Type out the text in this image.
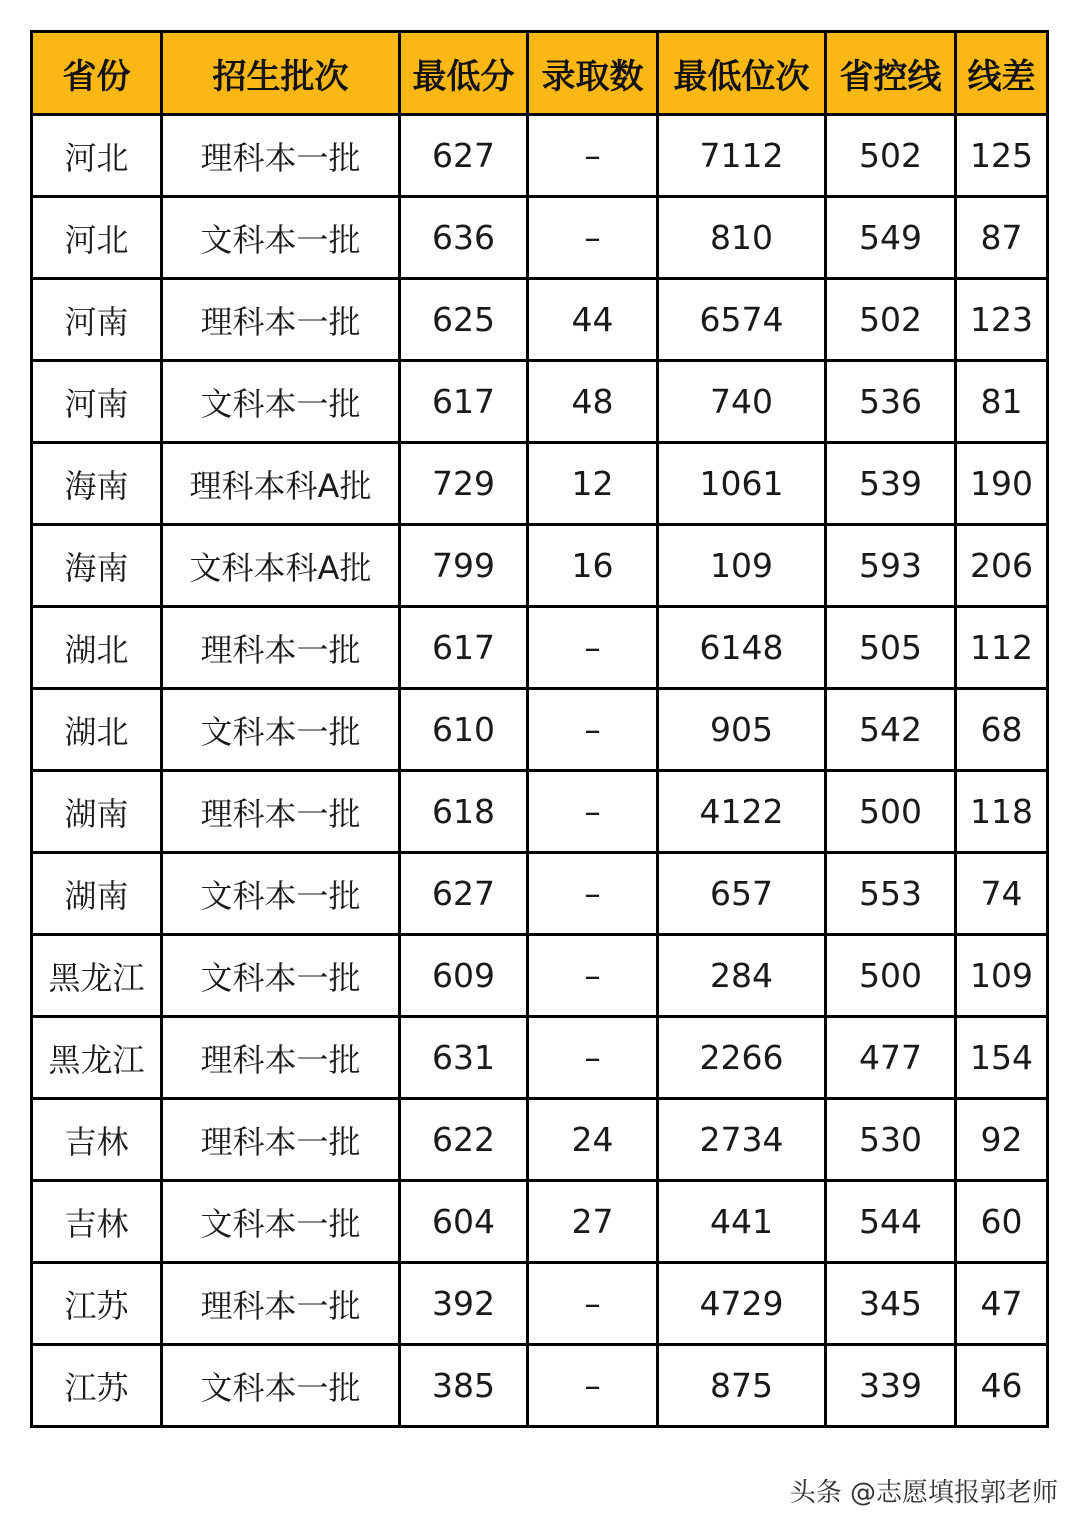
省份	招生批次	最低分	录取数	最低位次	省控线	线差
河北	理科本一批	627	–	7112	502	125
河北	文科本一批	636	–	810	549	87
河南	理科本一批	625	44	6574	502	123
河南	文科本一批	617	48	740	536	81
海南	理科本科A批	729	12	1061	539	190
海南	文科本科A批	799	16	109	593	206
湖北	理科本一批	617	–	6148	505	112
湖北	文科本一批	610	–	905	542	68
湖南	理科本一批	618	–	4122	500	118
湖南	文科本一批	627	–	657	553	74
黑龙江	文科本一批	609	–	284	500	109
黑龙江	理科本一批	631	–	2266	477	154
吉林	理科本一批	622	24	2734	530	92
吉林	文科本一批	604	27	441	544	60
江苏	理科本一批	392	–	4729	345	47
江苏	文科本一批	385	–	875	339	46
头条 @志愿填报郭老师
